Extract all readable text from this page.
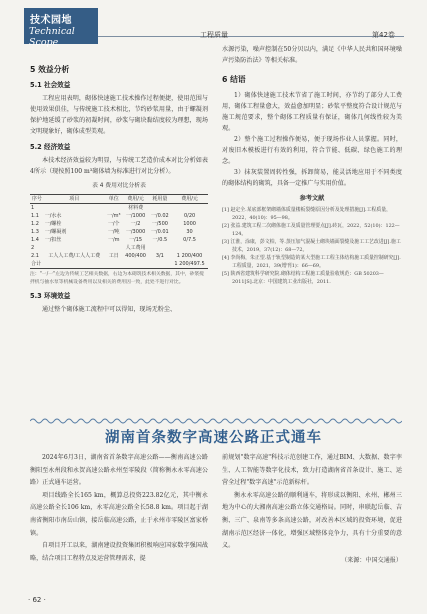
技术园地
Technical Scope
工程质量	第42卷
5 效益分析
5.1 社会效益

工程应用表明，砌体快速施工技术操作过程便捷，使用范围与使用效果俱佳，与传统施工技术相比，节约砂浆用量，由于螺凝剂保护地延缓了砂浆的初凝时间，砂浆与砌块黏结度较为理想，现场文明现象好，砌体成型美观。

5.2 经济效益

本技术经济效益较为明显，与传统工艺造价成本对比分析如表4所示（现按照100 m³砌体墙为标准进行对比分析）。

表 4 费用对比分析表
序号	项目	单位	费用/元	耗用量	费用/元
1			材料费		
1.1	一/水水	一/m³	一/1000	一/0.02	0/20
1.2	一/螺栓	一/个	一/2	一/500	1000
1.3	一/螺凝剂	一/吨	一/3000	一/0.01	30
1.4	一/扣丝	一/m	一/15	一/0.5	0/7.5
2			人工费用		
2.1	工人人工费/工人人工费	工日	400/400	3/1	1 200/400
合计					1 200/497.5
注："一/一"左边为传统工艺相关数据，右边为本砌筑技术相关数据，其中，砂浆搅拌机与抽水泵等机械设备费用以及相关的费用因一致，此处不进行对比。
5.3 环境效益

通过整个砌体施工流程中可以得知，现场无粉尘、

水源污染，噪声控制在50分贝以内，满足《中华人民共和国环境噪声污染防治法》等相关标准。

6 结语

1）砌体快速施工技术节省了施工时间，亦节约了部分人工费用，砌体工程量愈大，效益愈加明显；砂浆平整度符合设计规范与施工规范要求，整个砌体工程质量有保证，砌体几何线性较为美观。

2）整个施工过程操作便易，便于现场作业人员掌握。同时，对废旧木模板进行有效的利用，符合节能、低碳、绿色施工的理念。

3）抹灰装置周转性强，拆卸简易，能灵活地应用于不同类度的砌体结构的砌筑，具备一定推广与实用价值。

参考文献

[1] 赵定全.某底部框架砌墙体质量楼板裂缝原因分析及处理措施[J].工程质量，2022，40(10)：95—98。

[2] 张益.建筑工程二次砌体施工及质量管理要点[J].砖瓦，2022，52(10)：122—124。

[3] 江淮，涂康，彭文柏，等.蒸压加气混凝土砌块墙面裂缝及施工工艺改进[J].施工技术，2019，37(12)：68—72。

[4] 李尚梅，朱正望.基于轨型制造的某大型施工工程主体结构施工质量控制研究[J].工程质量，2021，39(增刊1)：66—69。

[5] 陕西省建筑科学研究院.砌体结构工程施工质量验收规范：GB 50203—2011[S].北京：中国建筑工业出版社，2011.

湖南首条数字高速公路正式通车

2024年6月3日，湖南省首条数字高速公路——衡南高速公路衡阳至永州段和永贺高速公路永州至零陵段（简称衡永永零高速公路）正式通车运营。

项目线路全长165 km，概算总投资223.82亿元，其中衡永高速公路全长106 km，永零高速公路全长58.8 km。项目起于湖南省衡阳市南岳山镇，接岳临高速公路，止于永州市零陵区富家桥镇。

自项目开工以来，湖南建设投资集团积极响应国家数字强国战略，结合项目工程特点及运营管理需求，提

前规划"数字高速"科技示范创建工作，通过BIM、大数据、数字孪生、人工智能等数字化技术，致力打造湖南省首条设计、施工、运营全过程"数字高速"示范新标杆。

衡永永零高速公路的顺利通车，将形成以衡阳、永州、郴州三地为中心的大湘南高速公路立体交通格局。同时，串联起岳临、吉衡、三广、泉南等多条高速公路，对改善本区域的投资环境，促进湖南示范区经济一体化，增强区域整体竞争力，具有十分重要的意义。

（来源：中国交通报）
· 62 ·
